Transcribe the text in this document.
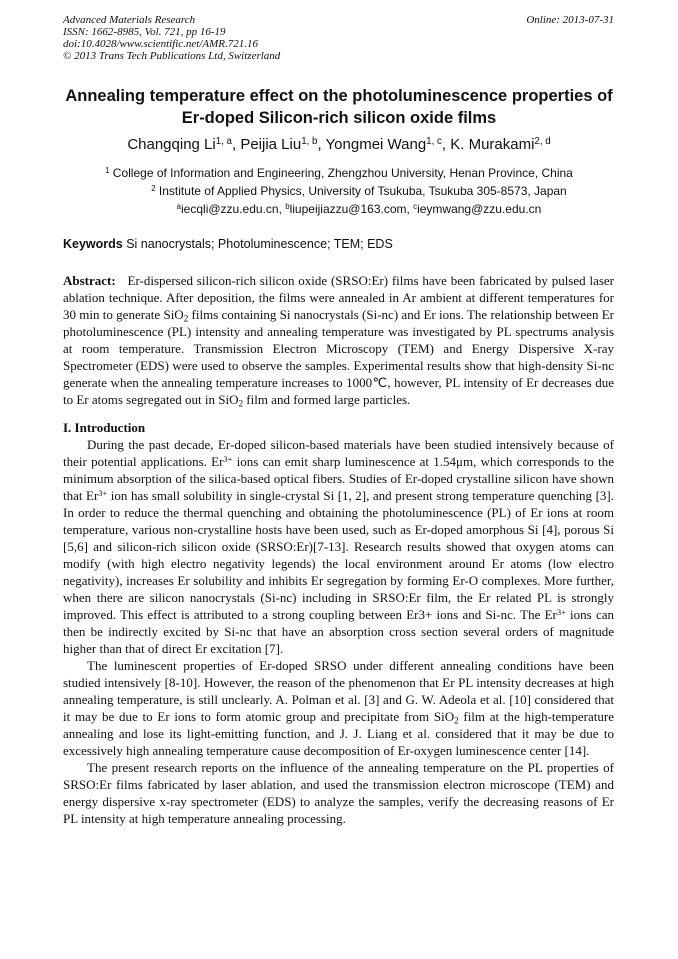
Advanced Materials Research
ISSN: 1662-8985, Vol. 721, pp 16-19
doi:10.4028/www.scientific.net/AMR.721.16
© 2013 Trans Tech Publications Ltd, Switzerland
Online: 2013-07-31
Annealing temperature effect on the photoluminescence properties of
Er-doped Silicon-rich silicon oxide films
Changqing Li$^{1, a}$, Peijia Liu$^{1, b}$, Yongmei Wang$^{1, c}$, K. Murakami$^{2, d}$
$^1$ College of Information and Engineering, Zhengzhou University, Henan Province, China
$^2$ Institute of Applied Physics, University of Tsukuba, Tsukuba 305-8573, Japan
$^a$iecqli@zzu.edu.cn, $^b$liupeijiazzu@163.com, $^c$ieymwang@zzu.edu.cn
Keywords Si nanocrystals; Photoluminescence; TEM; EDS

Abstract: Er-dispersed silicon-rich silicon oxide (SRSO:Er) films have been fabricated by pulsed laser ablation technique. After deposition, the films were annealed in Ar ambient at different temperatures for 30 min to generate SiO$_2$ films containing Si nanocrystals (Si-nc) and Er ions. The relationship between Er photoluminescence (PL) intensity and annealing temperature was investigated by PL spectrums analysis at room temperature. Transmission Electron Microscopy (TEM) and Energy Dispersive X-ray Spectrometer (EDS) were used to observe the samples. Experimental results show that high-density Si-nc generate when the annealing temperature increases to 1000℃, however, PL intensity of Er decreases due to Er atoms segregated out in SiO$_2$ film and formed large particles.

I. Introduction

During the past decade, Er-doped silicon-based materials have been studied intensively because of their potential applications. $Er^{3+}$ ions can emit sharp luminescence at 1.54μm, which corresponds to the minimum absorption of the silica-based optical fibers. Studies of Er-doped crystalline silicon have shown that $Er^{3+}$ ion has small solubility in single-crystal Si [1, 2], and present strong temperature quenching [3]. In order to reduce the thermal quenching and obtaining the photoluminescence (PL) of Er ions at room temperature, various non-crystalline hosts have been used, such as Er-doped amorphous Si [4], porous Si [5,6] and silicon-rich silicon oxide (SRSO:Er)[7-13]. Research results showed that oxygen atoms can modify (with high electro negativity legends) the local environment around Er atoms (low electro negativity), increases Er solubility and inhibits Er segregation by forming Er-O complexes. More further, when there are silicon nanocrystals (Si-nc) including in SRSO:Er film, the Er related PL is strongly improved. This effect is attributed to a strong coupling between Er3+ ions and Si-nc. The $Er^{3+}$ ions can then be indirectly excited by Si-nc that have an absorption cross section several orders of magnitude higher than that of direct Er excitation [7].

The luminescent properties of Er-doped SRSO under different annealing conditions have been studied intensively [8-10]. However, the reason of the phenomenon that Er PL intensity decreases at high annealing temperature, is still unclearly. A. Polman et al. [3] and G. W. Adeola et al. [10] considered that it may be due to Er ions to form atomic group and precipitate from SiO$_2$ film at the high-temperature annealing and lose its light-emitting function, and J. J. Liang et al. considered that it may be due to excessively high annealing temperature cause decomposition of Er-oxygen luminescence center [14].

The present research reports on the influence of the annealing temperature on the PL properties of SRSO:Er films fabricated by laser ablation, and used the transmission electron microscope (TEM) and energy dispersive x-ray spectrometer (EDS) to analyze the samples, verify the decreasing reasons of Er PL intensity at high temperature annealing processing.
